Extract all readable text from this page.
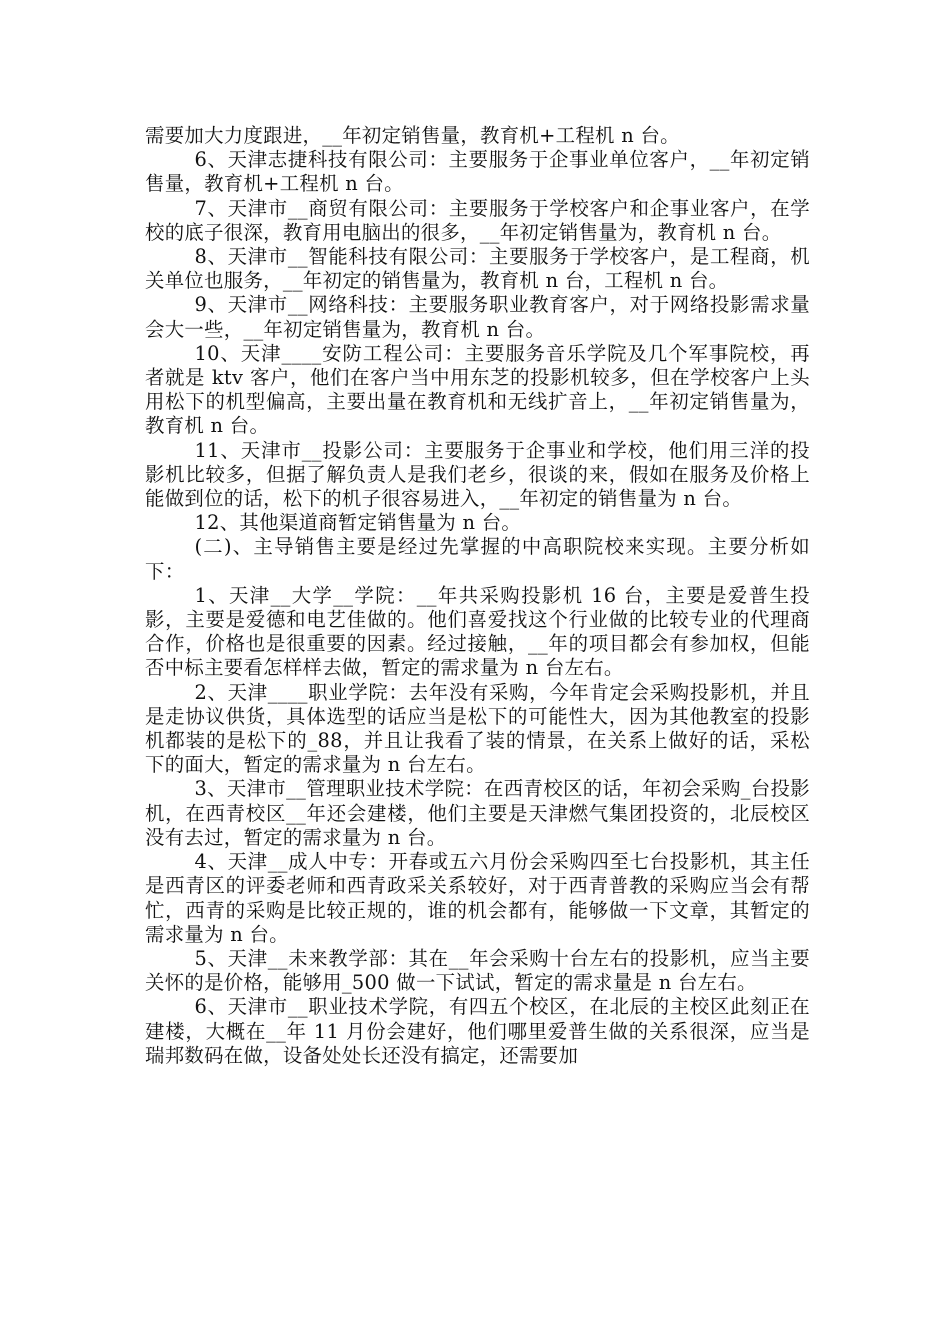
需要加大力度跟进，__年初定销售量，教育机+工程机 n 台。

6、天津志捷科技有限公司：主要服务于企事业单位客户，__年初定销售量，教育机+工程机 n 台。

7、天津市__商贸有限公司：主要服务于学校客户和企事业客户，在学校的底子很深，教育用电脑出的很多，__年初定销售量为，教育机 n 台。

8、天津市__智能科技有限公司：主要服务于学校客户，是工程商，机关单位也服务，__年初定的销售量为，教育机 n 台，工程机 n 台。

9、天津市__网络科技：主要服务职业教育客户，对于网络投影需求量会大一些，__年初定销售量为，教育机 n 台。

10、天津____安防工程公司：主要服务音乐学院及几个军事院校，再者就是 ktv 客户，他们在客户当中用东芝的投影机较多，但在学校客户上头用松下的机型偏高，主要出量在教育机和无线扩音上，__年初定销售量为，教育机 n 台。

11、天津市__投影公司：主要服务于企事业和学校，他们用三洋的投影机比较多，但据了解负责人是我们老乡，很谈的来，假如在服务及价格上能做到位的话，松下的机子很容易进入，__年初定的销售量为 n 台。

12、其他渠道商暂定销售量为 n 台。

(二)、主导销售主要是经过先掌握的中高职院校来实现。主要分析如下：

1、天津__大学__学院：__年共采购投影机 16 台，主要是爱普生投影，主要是爱德和电艺佳做的。他们喜爱找这个行业做的比较专业的代理商合作，价格也是很重要的因素。经过接触，__年的项目都会有参加权，但能否中标主要看怎样样去做，暂定的需求量为 n 台左右。

2、天津____职业学院：去年没有采购，今年肯定会采购投影机，并且是走协议供货，具体选型的话应当是松下的可能性大，因为其他教室的投影机都装的是松下的_88，并且让我看了装的情景，在关系上做好的话，采松下的面大，暂定的需求量为 n 台左右。

3、天津市__管理职业技术学院：在西青校区的话，年初会采购_台投影机，在西青校区__年还会建楼，他们主要是天津燃气集团投资的，北辰校区没有去过，暂定的需求量为 n 台。

4、天津__成人中专：开春或五六月份会采购四至七台投影机，其主任是西青区的评委老师和西青政采关系较好，对于西青普教的采购应当会有帮忙，西青的采购是比较正规的，谁的机会都有，能够做一下文章，其暂定的需求量为 n 台。

5、天津__未来教学部：其在__年会采购十台左右的投影机，应当主要关怀的是价格，能够用_500 做一下试试，暂定的需求量是 n 台左右。

6、天津市__职业技术学院，有四五个校区，在北辰的主校区此刻正在建楼，大概在__年 11 月份会建好，他们哪里爱普生做的关系很深，应当是瑞邦数码在做，设备处处长还没有搞定，还需要加
